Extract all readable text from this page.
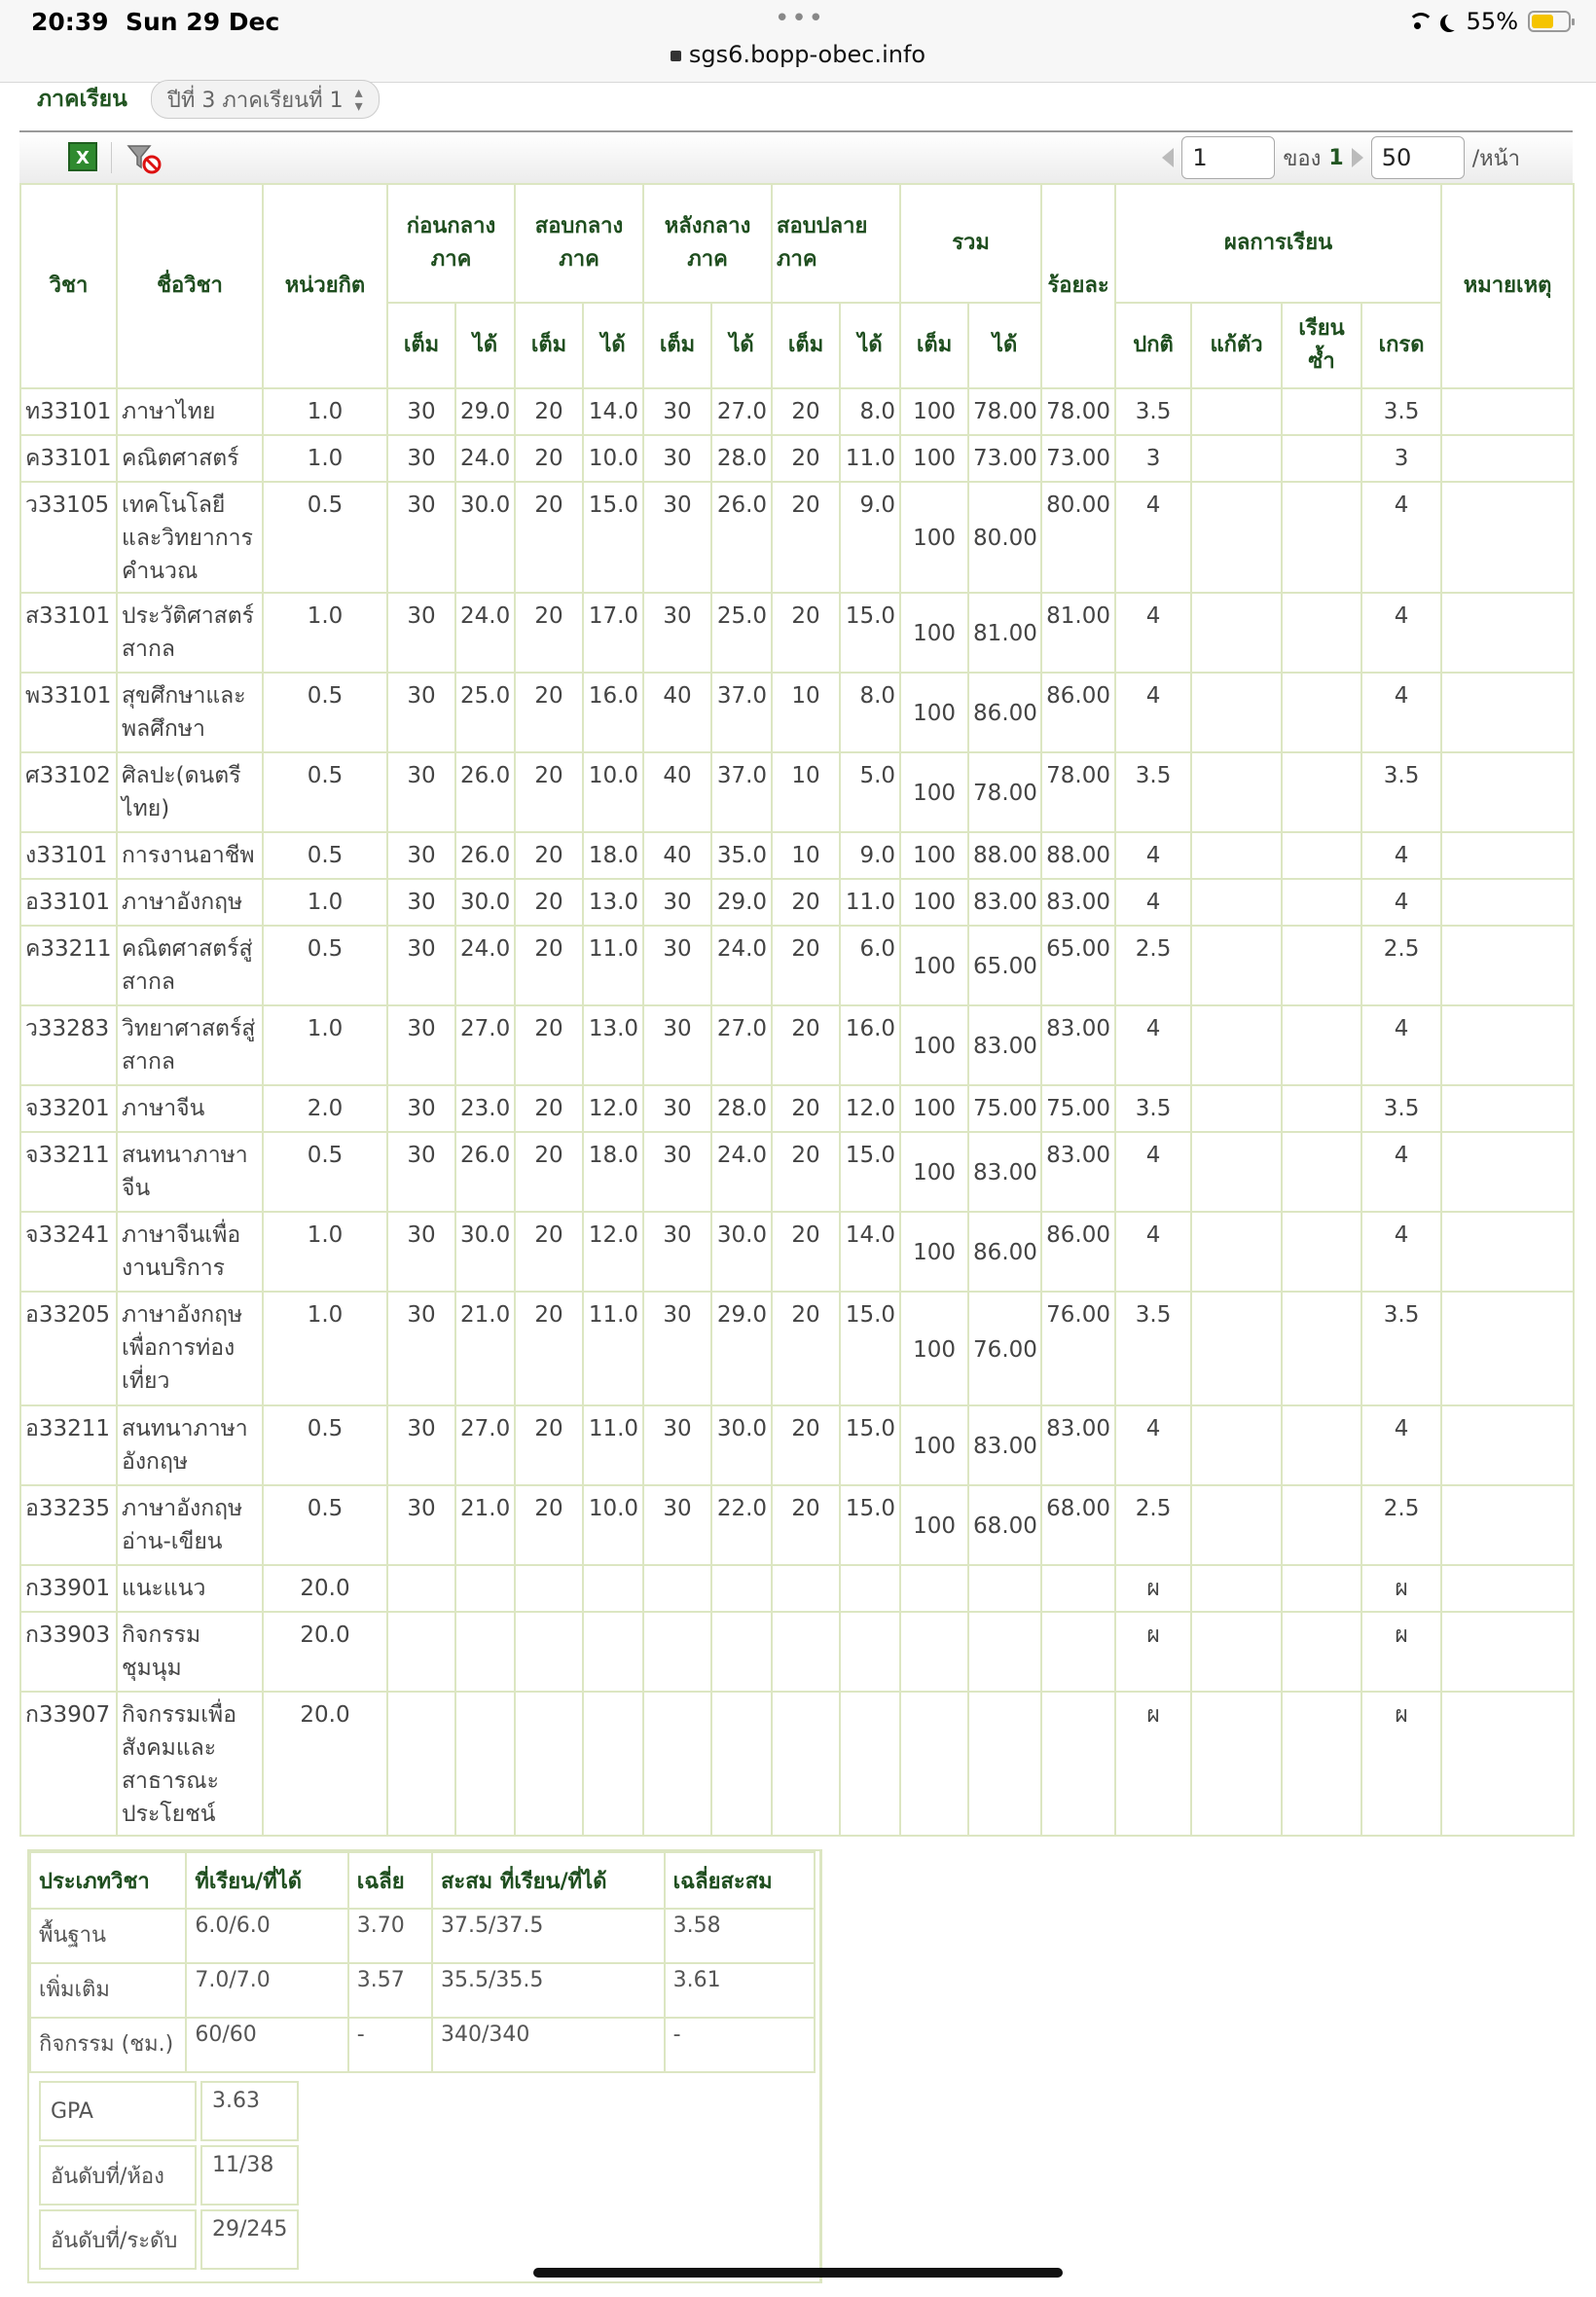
20:39 Sun 29 Dec	•••
sgs6.bopp-obec.info
55%
ภาคเรียน ปีที่ 3 ภาคเรียนที่ 1 ▴
▾
X
1	ของ 1
50	/หน้า
วิชา	ชื่อวิชา	หน่วยกิต	ก่อนกลางภาค		สอบกลางภาค		หลังกลางภาค		สอบปลายภาค		รวม		ร้อยละ	ผลการเรียน				หมายเหตุ
			เต็ม	ได้	เต็ม	ได้	เต็ม	ได้	เต็ม	ได้	เต็ม	ได้		ปกติ	แก้ตัว	เรียนซ้ำ	เกรด	
ท33101	ภาษาไทย	1.0	30	29.0	20	14.0	30	27.0	20	8.0	100	78.00	78.00	3.5			3.5	
ค33101	คณิตศาสตร์	1.0	30	24.0	20	10.0	30	28.0	20	11.0	100	73.00	73.00	3			3	
ว33105	เทคโนโลยีและวิทยาการคำนวณ	0.5	30	30.0	20	15.0	30	26.0	20	9.0	100	80.00	80.00	4			4	
ส33101	ประวัติศาสตร์สากล	1.0	30	24.0	20	17.0	30	25.0	20	15.0	100	81.00	81.00	4			4	
พ33101	สุขศึกษาและพลศึกษา	0.5	30	25.0	20	16.0	40	37.0	10	8.0	100	86.00	86.00	4			4	
ศ33102	ศิลปะ(ดนตรีไทย)	0.5	30	26.0	20	10.0	40	37.0	10	5.0	100	78.00	78.00	3.5			3.5	
ง33101	การงานอาชีพ	0.5	30	26.0	20	18.0	40	35.0	10	9.0	100	88.00	88.00	4			4	
อ33101	ภาษาอังกฤษ	1.0	30	30.0	20	13.0	30	29.0	20	11.0	100	83.00	83.00	4			4	
ค33211	คณิตศาสตร์สู่สากล	0.5	30	24.0	20	11.0	30	24.0	20	6.0	100	65.00	65.00	2.5			2.5	
ว33283	วิทยาศาสตร์สู่สากล	1.0	30	27.0	20	13.0	30	27.0	20	16.0	100	83.00	83.00	4			4	
จ33201	ภาษาจีน	2.0	30	23.0	20	12.0	30	28.0	20	12.0	100	75.00	75.00	3.5			3.5	
จ33211	สนทนาภาษาจีน	0.5	30	26.0	20	18.0	30	24.0	20	15.0	100	83.00	83.00	4			4	
จ33241	ภาษาจีนเพื่องานบริการ	1.0	30	30.0	20	12.0	30	30.0	20	14.0	100	86.00	86.00	4			4	
อ33205	ภาษาอังกฤษเพื่อการท่องเที่ยว	1.0	30	21.0	20	11.0	30	29.0	20	15.0	100	76.00	76.00	3.5			3.5	
อ33211	สนทนาภาษาอังกฤษ	0.5	30	27.0	20	11.0	30	30.0	20	15.0	100	83.00	83.00	4			4	
อ33235	ภาษาอังกฤษอ่าน-เขียน	0.5	30	21.0	20	10.0	30	22.0	20	15.0	100	68.00	68.00	2.5			2.5	
ก33901	แนะแนว	20.0												ผ			ผ	
ก33903	กิจกรรมชุมนุม	20.0												ผ			ผ	
ก33907	กิจกรรมเพื่อสังคมและสาธารณะประโยชน์	20.0												ผ			ผ	
ประเภทวิชา	ที่เรียน/ที่ได้	เฉลี่ย	สะสม ที่เรียน/ที่ได้	เฉลี่ยสะสม
พื้นฐาน	6.0/6.0	3.70	37.5/37.5	3.58
เพิ่มเติม	7.0/7.0	3.57	35.5/35.5	3.61
กิจกรรม (ชม.)	60/60	-	340/340	-
GPA	3.63
อันดับที่/ห้อง	11/38
อันดับที่/ระดับ	29/245
